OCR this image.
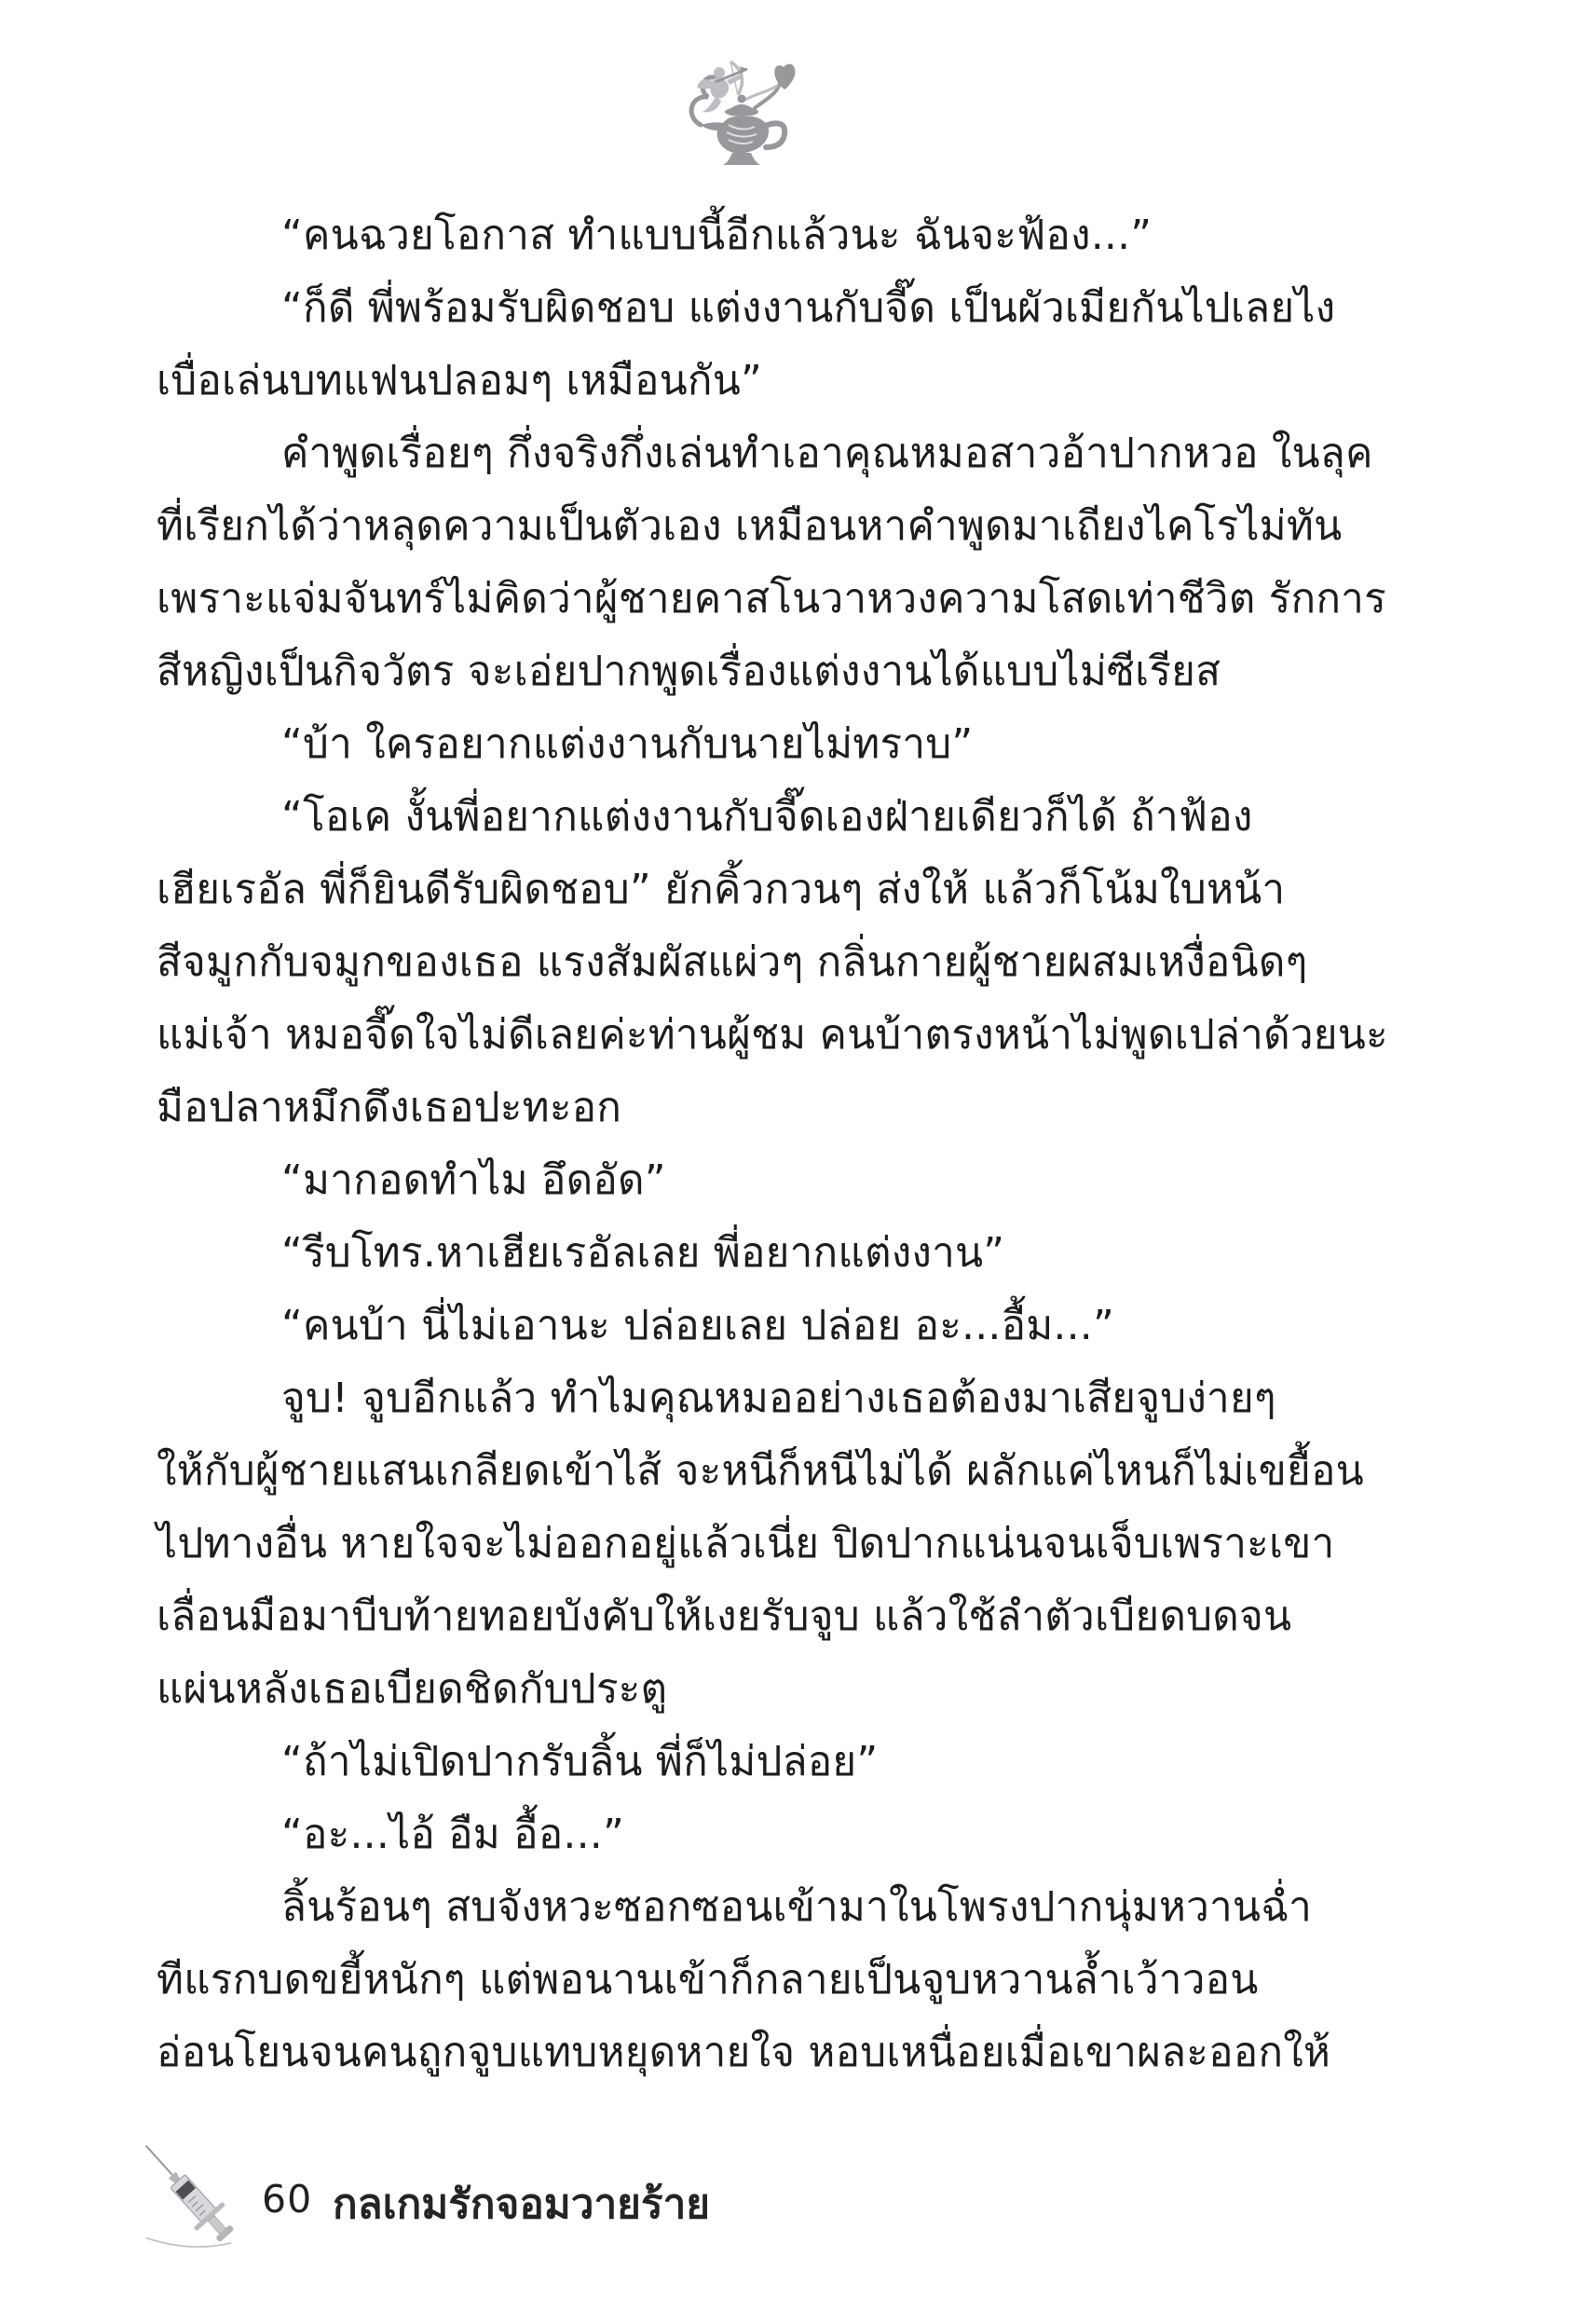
“คนฉวยโอกาส ทำแบบนี้อีกแล้วนะ ฉันจะฟ้อง...”
“ก็ดี พี่พร้อมรับผิดชอบ แต่งงานกับจี๊ด เป็นผัวเมียกันไปเลยไง
เบื่อเล่นบทแฟนปลอมๆ เหมือนกัน”
คำพูดเรื่อยๆ กึ่งจริงกึ่งเล่นทำเอาคุณหมอสาวอ้าปากหวอ ในลุค
ที่เรียกได้ว่าหลุดความเป็นตัวเอง เหมือนหาคำพูดมาเถียงไคโรไม่ทัน
เพราะแจ่มจันทร์ไม่คิดว่าผู้ชายคาสโนวาหวงความโสดเท่าชีวิต รักการ
สีหญิงเป็นกิจวัตร จะเอ่ยปากพูดเรื่องแต่งงานได้แบบไม่ซีเรียส
“บ้า ใครอยากแต่งงานกับนายไม่ทราบ”
“โอเค งั้นพี่อยากแต่งงานกับจี๊ดเองฝ่ายเดียวก็ได้ ถ้าฟ้อง
เฮียเรอัล พี่ก็ยินดีรับผิดชอบ” ยักคิ้วกวนๆ ส่งให้ แล้วก็โน้มใบหน้า
สีจมูกกับจมูกของเธอ แรงสัมผัสแผ่วๆ กลิ่นกายผู้ชายผสมเหงื่อนิดๆ
แม่เจ้า หมอจี๊ดใจไม่ดีเลยค่ะท่านผู้ชม คนบ้าตรงหน้าไม่พูดเปล่าด้วยนะ
มือปลาหมึกดึงเธอปะทะอก
“มากอดทำไม อึดอัด”
“รีบโทร.หาเฮียเรอัลเลย พี่อยากแต่งงาน”
“คนบ้า นี่ไม่เอานะ ปล่อยเลย ปล่อย อะ...อื้ม...”
จูบ! จูบอีกแล้ว ทำไมคุณหมออย่างเธอต้องมาเสียจูบง่ายๆ
ให้กับผู้ชายแสนเกลียดเข้าไส้ จะหนีก็หนีไม่ได้ ผลักแค่ไหนก็ไม่เขยื้อน
ไปทางอื่น หายใจจะไม่ออกอยู่แล้วเนี่ย ปิดปากแน่นจนเจ็บเพราะเขา
เลื่อนมือมาบีบท้ายทอยบังคับให้เงยรับจูบ แล้วใช้ลำตัวเบียดบดจน
แผ่นหลังเธอเบียดชิดกับประตู
“ถ้าไม่เปิดปากรับลิ้น พี่ก็ไม่ปล่อย”
“อะ...ไอ้ อืม อื้อ...”
ลิ้นร้อนๆ สบจังหวะซอกซอนเข้ามาในโพรงปากนุ่มหวานฉ่ำ
ทีแรกบดขยี้หนักๆ แต่พอนานเข้าก็กลายเป็นจูบหวานล้ำเว้าวอน
อ่อนโยนจนคนถูกจูบแทบหยุดหายใจ หอบเหนื่อยเมื่อเขาผละออกให้
60 กลเกมรักจอมวายร้าย
